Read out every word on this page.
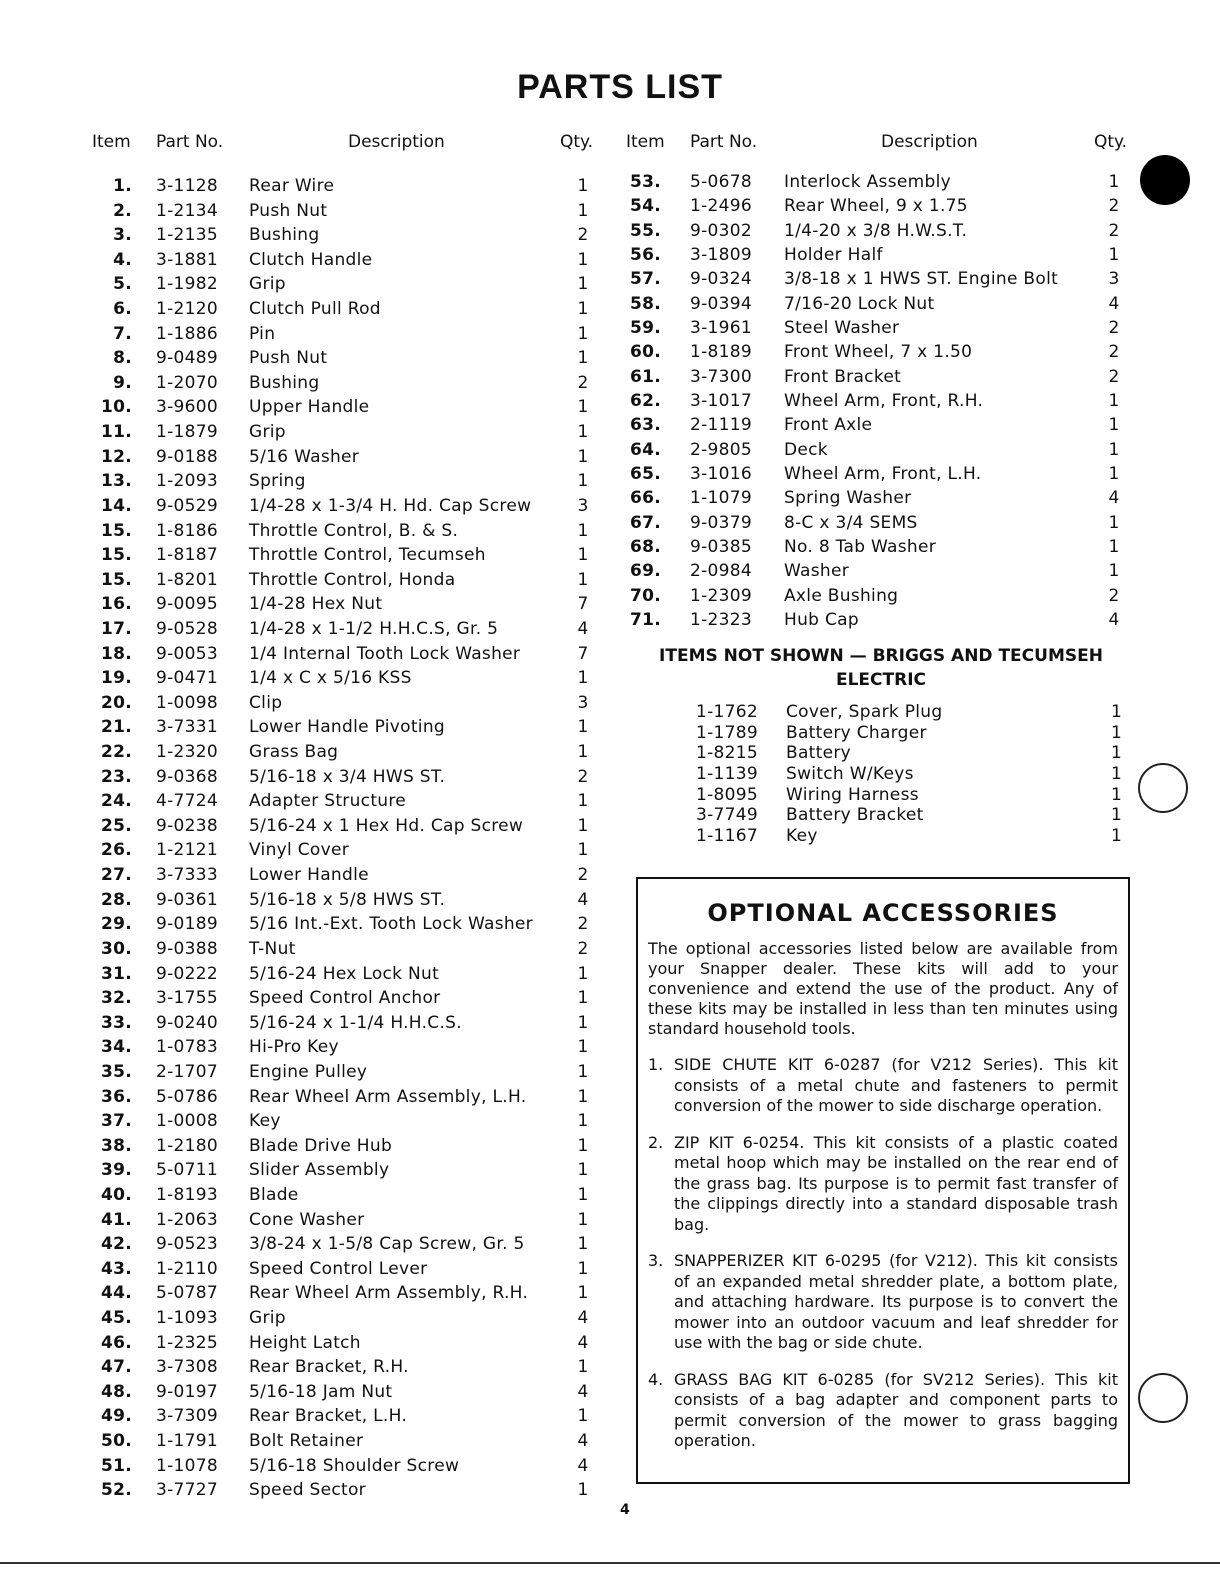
PARTS LIST
Item Part No.	Description	Qty.
1. 3-1128 Rear Wire	1
2. 1-2134 Push Nut	1
3. 1-2135 Bushing	2
4. 3-1881 Clutch Handle	1
5. 1-1982 Grip	1
6. 1-2120 Clutch Pull Rod	1
7. 1-1886 Pin	1
8. 9-0489 Push Nut	1
9. 1-2070 Bushing	2
10. 3-9600 Upper Handle	1
11. 1-1879 Grip	1
12. 9-0188 5/16 Washer	1
13. 1-2093 Spring	1
14. 9-0529 1/4-28 x 1-3/4 H. Hd. Cap Screw	3
15. 1-8186 Throttle Control, B. & S.	1
15. 1-8187 Throttle Control, Tecumseh	1
15. 1-8201 Throttle Control, Honda	1
16. 9-0095 1/4-28 Hex Nut	7
17. 9-0528 1/4-28 x 1-1/2 H.H.C.S, Gr. 5	4
18. 9-0053 1/4 Internal Tooth Lock Washer	7
19. 9-0471 1/4 x C x 5/16 KSS	1
20. 1-0098 Clip	3
21. 3-7331 Lower Handle Pivoting	1
22. 1-2320 Grass Bag	1
23. 9-0368 5/16-18 x 3/4 HWS ST.	2
24. 4-7724 Adapter Structure	1
25. 9-0238 5/16-24 x 1 Hex Hd. Cap Screw	1
26. 1-2121 Vinyl Cover	1
27. 3-7333 Lower Handle	2
28. 9-0361 5/16-18 x 5/8 HWS ST.	4
29. 9-0189 5/16 Int.-Ext. Tooth Lock Washer	2
30. 9-0388 T-Nut	2
31. 9-0222 5/16-24 Hex Lock Nut	1
32. 3-1755 Speed Control Anchor	1
33. 9-0240 5/16-24 x 1-1/4 H.H.C.S.	1
34. 1-0783 Hi-Pro Key	1
35. 2-1707 Engine Pulley	1
36. 5-0786 Rear Wheel Arm Assembly, L.H.	1
37. 1-0008 Key	1
38. 1-2180 Blade Drive Hub	1
39. 5-0711 Slider Assembly	1
40. 1-8193 Blade	1
41. 1-2063 Cone Washer	1
42. 9-0523 3/8-24 x 1-5/8 Cap Screw, Gr. 5	1
43. 1-2110 Speed Control Lever	1
44. 5-0787 Rear Wheel Arm Assembly, R.H.	1
45. 1-1093 Grip	4
46. 1-2325 Height Latch	4
47. 3-7308 Rear Bracket, R.H.	1
48. 9-0197 5/16-18 Jam Nut	4
49. 3-7309 Rear Bracket, L.H.	1
50. 1-1791 Bolt Retainer	4
51. 1-1078 5/16-18 Shoulder Screw	4
52. 3-7727 Speed Sector	1
Item Part No.	Description	Qty.
53. 5-0678 Interlock Assembly	1
54. 1-2496 Rear Wheel, 9 x 1.75	2
55. 9-0302 1/4-20 x 3/8 H.W.S.T.	2
56. 3-1809 Holder Half	1
57. 9-0324 3/8-18 x 1 HWS ST. Engine Bolt	3
58. 9-0394 7/16-20 Lock Nut	4
59. 3-1961 Steel Washer	2
60. 1-8189 Front Wheel, 7 x 1.50	2
61. 3-7300 Front Bracket	2
62. 3-1017 Wheel Arm, Front, R.H.	1
63. 2-1119 Front Axle	1
64. 2-9805 Deck	1
65. 3-1016 Wheel Arm, Front, L.H.	1
66. 1-1079 Spring Washer	4
67. 9-0379 8-C x 3/4 SEMS	1
68. 9-0385 No. 8 Tab Washer	1
69. 2-0984 Washer	1
70. 1-2309 Axle Bushing	2
71. 1-2323 Hub Cap	4
ITEMS NOT SHOWN — BRIGGS AND TECUMSEH
ELECTRIC
1-1762 Cover, Spark Plug	1
1-1789 Battery Charger	1
1-8215 Battery	1
1-1139 Switch W/Keys	1
1-8095 Wiring Harness	1
3-7749 Battery Bracket	1
1-1167 Key	1
OPTIONAL ACCESSORIES
The optional accessories listed below are available from your Snapper dealer. These kits will add to your convenience and extend the use of the product. Any of these kits may be installed in less than ten minutes using standard household tools.
1. SIDE CHUTE KIT 6-0287 (for V212 Series). This kit consists of a metal chute and fasteners to permit conversion of the mower to side discharge operation.
2. ZIP KIT 6-0254. This kit consists of a plastic coated metal hoop which may be installed on the rear end of the grass bag. Its purpose is to permit fast transfer of the clippings directly into a standard disposable trash bag.
3. SNAPPERIZER KIT 6-0295 (for V212). This kit consists of an expanded metal shredder plate, a bottom plate, and attaching hardware. Its purpose is to convert the mower into an outdoor vacuum and leaf shredder for use with the bag or side chute.
4. GRASS BAG KIT 6-0285 (for SV212 Series). This kit consists of a bag adapter and component parts to permit conversion of the mower to grass bagging operation.
4
